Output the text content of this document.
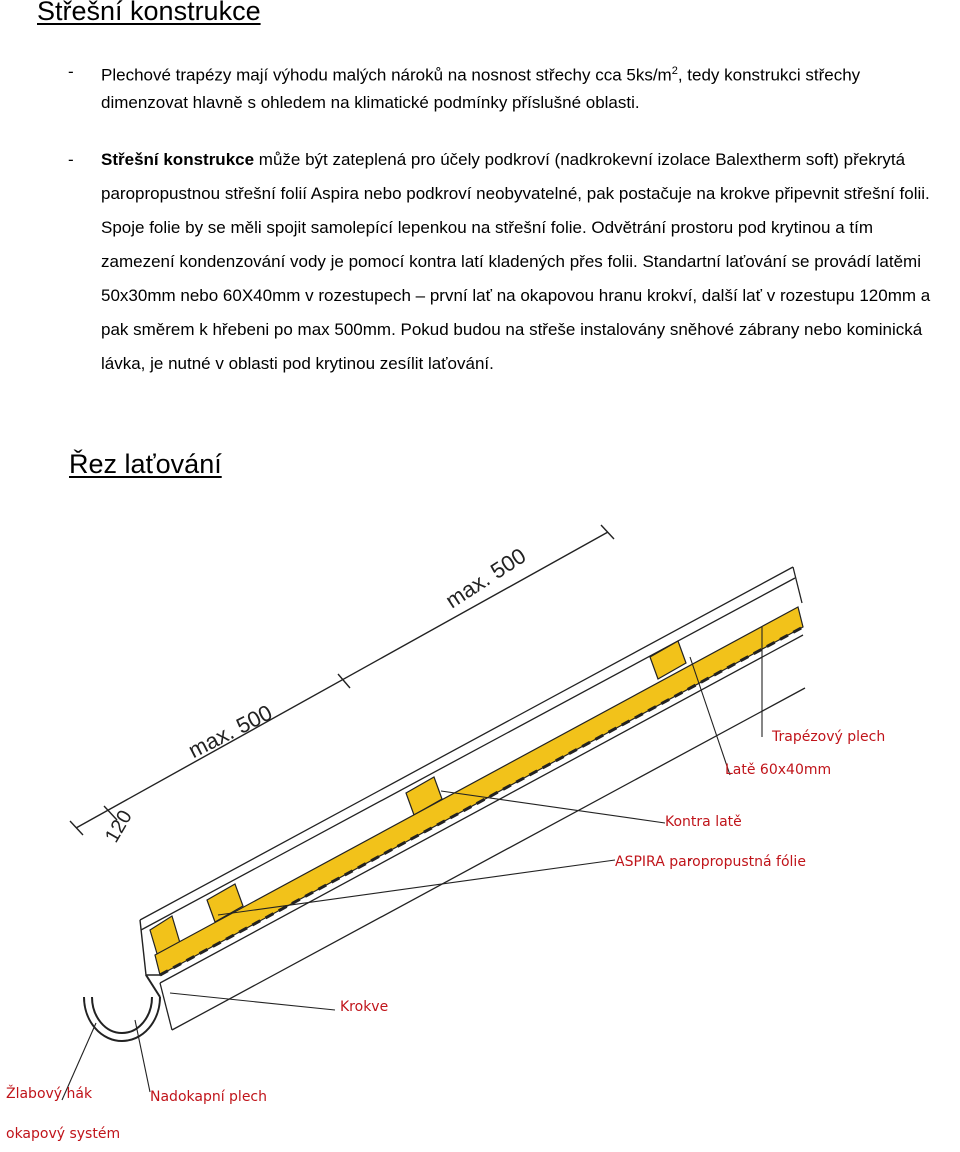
Střešní konstrukce
- Plechové trapézy mají výhodu malých nároků na nosnost střechy cca $5ks/m^2$, tedy konstrukci střechy dimenzovat hlavně s ohledem na klimatické podmínky příslušné oblasti.
- Střešní konstrukce může být zateplená pro účely podkroví (nadkrokevní izolace Balextherm soft) překrytá paropropustnou střešní folií Aspira nebo podkroví neobyvatelné, pak postačuje na krokve připevnit střešní folii. Spoje folie by se měli spojit samolepící lepenkou na střešní folie. Odvětrání prostoru pod krytinou a tím zamezení kondenzování vody je pomocí kontra latí kladených přes folii. Standartní laťování se provádí latěmi 50x30mm nebo 60X40mm v rozestupech – první lať na okapovou hranu krokví, další lať v rozestupu 120mm a pak směrem k hřebeni po max 500mm. Pokud budou na střeše instalovány sněhové zábrany nebo kominická lávka, je nutné v oblasti pod krytinou zesílit laťování.
Řez laťování
120
max. 500
max. 500
Trapézový plech
Latě 60x40mm
Kontra latě
ASPIRA paropropustná fólie
Krokve
Žlabový hák	Nadokapní plech
okapový systém
